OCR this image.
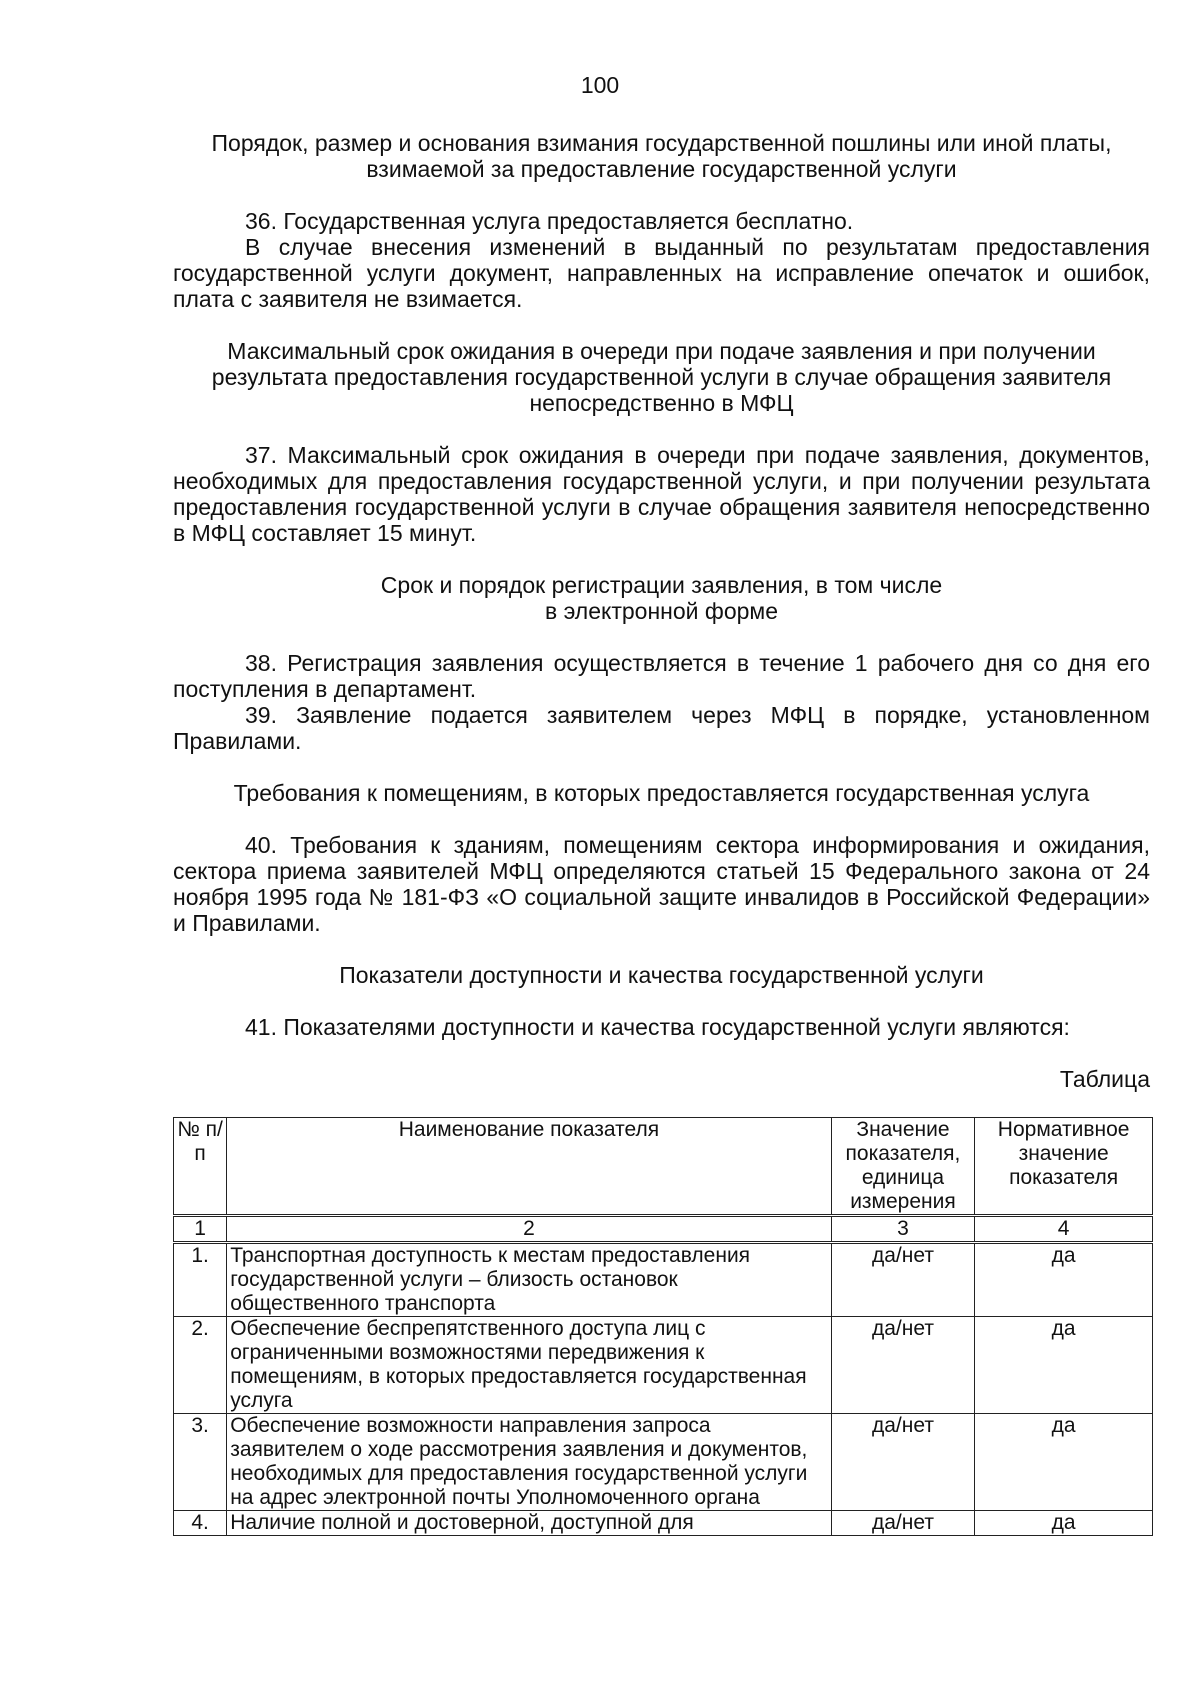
100

Порядок, размер и основания взимания государственной пошлины или иной платы, взимаемой за предоставление государственной услуги

36. Государственная услуга предоставляется бесплатно.

В случае внесения изменений в выданный по результатам предоставления государственной услуги документ, направленных на исправление опечаток и ошибок, плата с заявителя не взимается.

Максимальный срок ожидания в очереди при подаче заявления и при получении результата предоставления государственной услуги в случае обращения заявителя непосредственно в МФЦ

37. Максимальный срок ожидания в очереди при подаче заявления, документов, необходимых для предоставления государственной услуги, и при получении результата предоставления государственной услуги в случае обращения заявителя непосредственно в МФЦ составляет 15 минут.

Срок и порядок регистрации заявления, в том числе

в электронной форме

38. Регистрация заявления осуществляется в течение 1 рабочего дня со дня его поступления в департамент.

39. Заявление подается заявителем через МФЦ в порядке, установленном Правилами.

Требования к помещениям, в которых предоставляется государственная услуга

40. Требования к зданиям, помещениям сектора информирования и ожидания, сектора приема заявителей МФЦ определяются статьей 15 Федерального закона от 24 ноября 1995 года № 181-ФЗ «О социальной защите инвалидов в Российской Федерации» и Правилами.

Показатели доступности и качества государственной услуги

41. Показателями доступности и качества государственной услуги являются:

Таблица

№ п/п	Наименование показателя	Значение показателя, единица измерения	Нормативное значение показателя
1	2	3	4
1.	Транспортная доступность к местам предоставления государственной услуги – близость остановок общественного транспорта	да/нет	да
2.	Обеспечение беспрепятственного доступа лиц с ограниченными возможностями передвижения к помещениям, в которых предоставляется государственная услуга	да/нет	да
3.	Обеспечение возможности направления запроса заявителем о ходе рассмотрения заявления и документов, необходимых для предоставления государственной услуги на адрес электронной почты Уполномоченного органа	да/нет	да
4.	Наличие полной и достоверной, доступной для	да/нет	да
